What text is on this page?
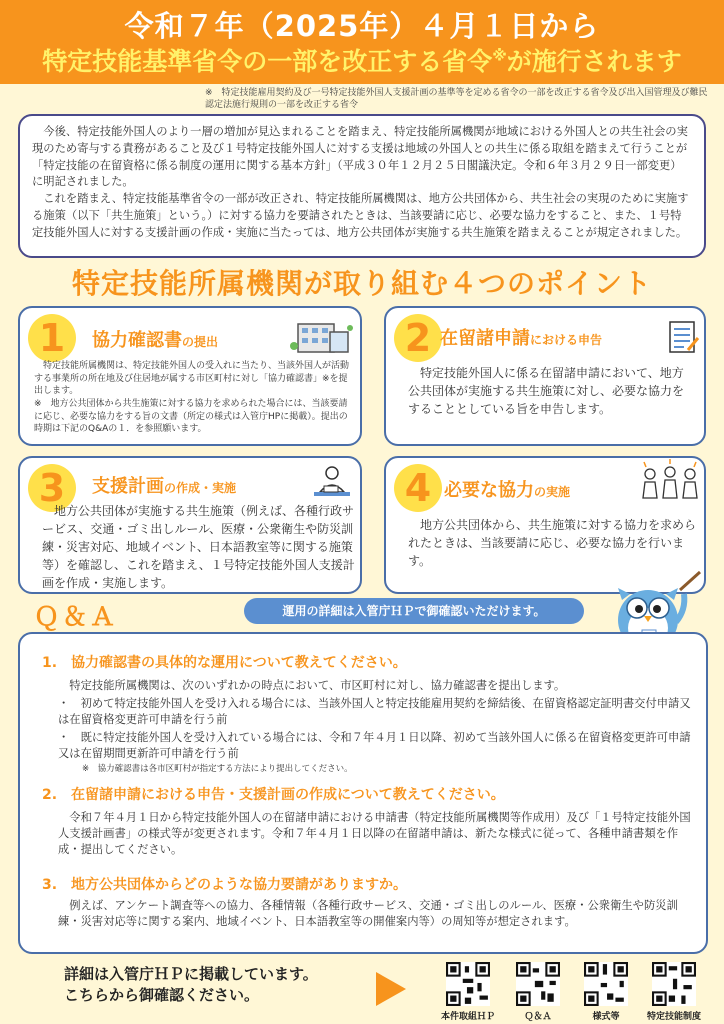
令和７年（2025年）４月１日から
特定技能基準省令の一部を改正する省令※が施行されます
※　特定技能雇用契約及び一号特定技能外国人支援計画の基準等を定める省令の一部を改正する省令及び出入国管理及び難民認定法施行規則の一部を改正する省令

今後、特定技能外国人のより一層の増加が見込まれることを踏まえ、特定技能所属機関が地域における外国人との共生社会の実現のため寄与する責務があること及び１号特定技能外国人に対する支援は地域の外国人との共生に係る取組を踏まえて行うことが「特定技能の在留資格に係る制度の運用に関する基本方針」（平成３０年１２月２５日閣議決定。令和６年３月２９日一部変更）に明記されました。

これを踏まえ、特定技能基準省令の一部が改正され、特定技能所属機関は、地方公共団体から、共生社会の実現のために実施する施策（以下「共生施策」という。）に対する協力を要請されたときは、当該要請に応じ、必要な協力をすること、また、１号特定技能外国人に対する支援計画の作成・実施に当たっては、地方公共団体が実施する共生施策を踏まえることが規定されました。

特定技能所属機関が取り組む４つのポイント
1	協力確認書の提出
特定技能所属機関は、特定技能外国人の受入れに当たり、当該外国人が活動する事業所の所在地及び住居地が属する市区町村に対し「協力確認書」※を提出します。
※　地方公共団体から共生施策に対する協力を求められた場合には、当該要請に応じ、必要な協力をする旨の文書（所定の様式は入管庁HPに掲載）。提出の時期は下記のQ&Aの１．を参照願います。
2 在留諸申請における申告
特定技能外国人に係る在留諸申請において、地方公共団体が実施する共生施策に対し、必要な協力をすることとしている旨を申告します。
3	支援計画の作成・実施
地方公共団体が実施する共生施策（例えば、各種行政サービス、交通・ゴミ出しルール、医療・公衆衛生や防災訓練・災害対応、地域イベント、日本語教室等に関する施策等）を確認し、これを踏まえ、１号特定技能外国人支援計画を作成・実施します。
4 必要な協力の実施
地方公共団体から、共生施策に対する協力を求められたときは、当該要請に応じ、必要な協力を行います。
Ｑ＆Ａ	運用の詳細は入管庁ＨＰで御確認いただけます。
1.　協力確認書の具体的な運用について教えてください。
特定技能所属機関は、次のいずれかの時点において、市区町村に対し、協力確認書を提出します。
・　初めて特定技能外国人を受け入れる場合には、当該外国人と特定技能雇用契約を締結後、在留資格認定証明書交付申請又は在留資格変更許可申請を行う前
・　既に特定技能外国人を受け入れている場合には、令和７年４月１日以降、初めて当該外国人に係る在留資格変更許可申請又は在留期間更新許可申請を行う前
※　協力確認書は各市区町村が指定する方法により提出してください。
2.　在留諸申請における申告・支援計画の作成について教えてください。
令和７年４月１日から特定技能外国人の在留諸申請における申請書（特定技能所属機関等作成用）及び「１号特定技能外国人支援計画書」の様式等が変更されます。令和７年４月１日以降の在留諸申請は、新たな様式に従って、各種申請書類を作成・提出してください。
3.　地方公共団体からどのような協力要請がありますか。
例えば、アンケート調査等への協力、各種情報（各種行政サービス、交通・ゴミ出しのルール、医療・公衆衛生や防災訓練・災害対応等に関する案内、地域イベント、日本語教室等の開催案内等）の周知等が想定されます。
詳細は入管庁ＨＰに掲載しています。
こちらから御確認ください。
本件取組ＨＰ	Ｑ＆Ａ	様式等	特定技能制度
